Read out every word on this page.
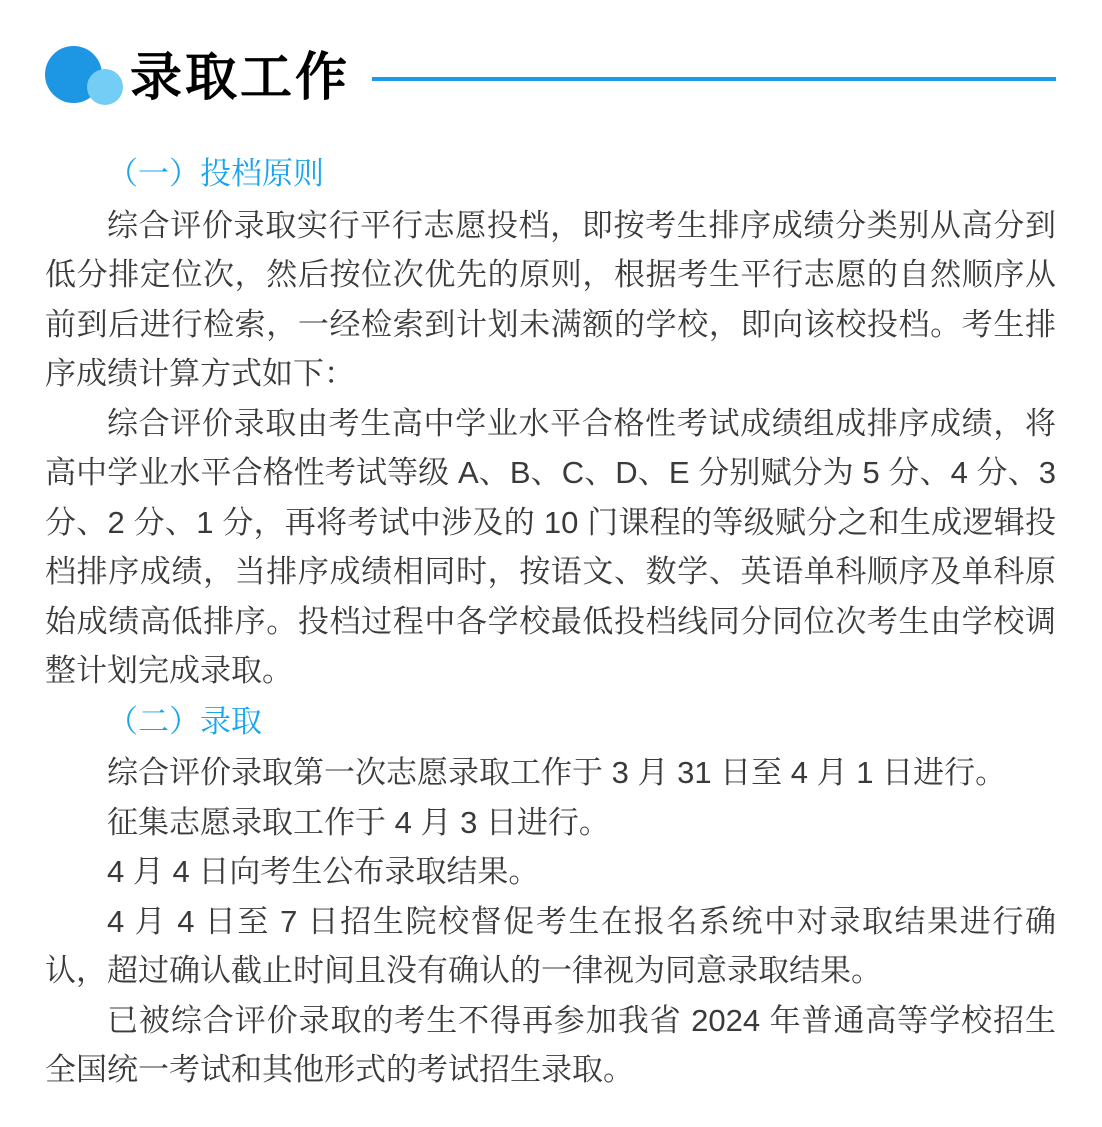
录取工作
（一）投档原则

综合评价录取实行平行志愿投档，即按考生排序成绩分类别从高分到低分排定位次，然后按位次优先的原则，根据考生平行志愿的自然顺序从前到后进行检索，一经检索到计划未满额的学校，即向该校投档。考生排序成绩计算方式如下：

综合评价录取由考生高中学业水平合格性考试成绩组成排序成绩，将高中学业水平合格性考试等级 A、B、C、D、E 分别赋分为 5 分、4 分、3 分、2 分、1 分，再将考试中涉及的 10 门课程的等级赋分之和生成逻辑投档排序成绩，当排序成绩相同时，按语文、数学、英语单科顺序及单科原始成绩高低排序。投档过程中各学校最低投档线同分同位次考生由学校调整计划完成录取。

（二）录取

综合评价录取第一次志愿录取工作于 3 月 31 日至 4 月 1 日进行。

征集志愿录取工作于 4 月 3 日进行。

4 月 4 日向考生公布录取结果。

4 月 4 日至 7 日招生院校督促考生在报名系统中对录取结果进行确认，超过确认截止时间且没有确认的一律视为同意录取结果。

已被综合评价录取的考生不得再参加我省 2024 年普通高等学校招生全国统一考试和其他形式的考试招生录取。
